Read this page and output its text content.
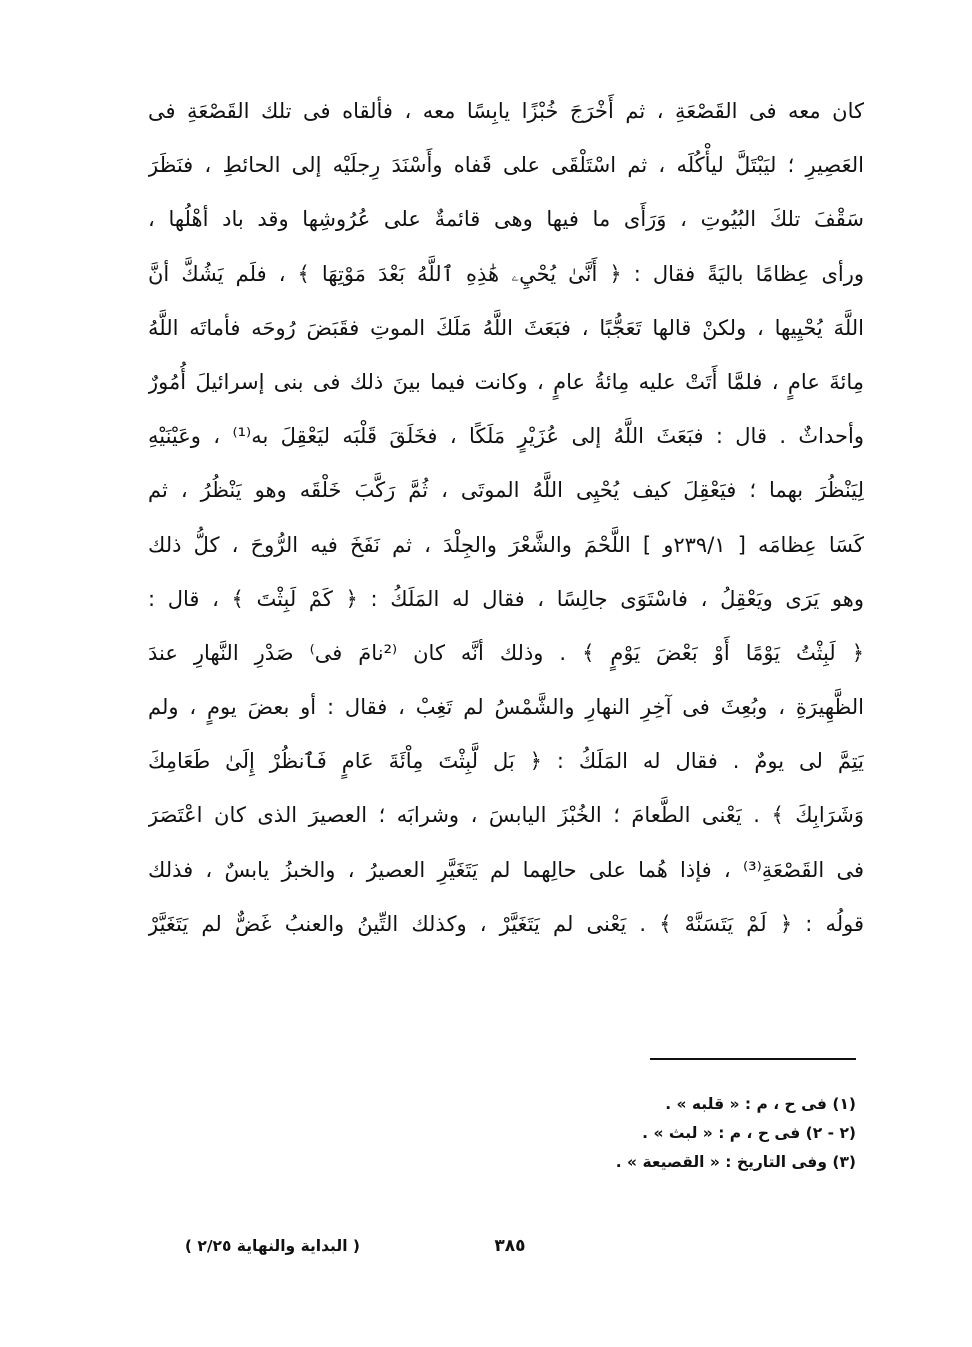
كان معه فى القَصْعَةِ ، ثم أَخْرَجَ خُبْزًا يابِسًا معه ، فألقاه فى تلك القَصْعَةِ فى
العَصِيرِ ؛ ليَبْتَلَّ ليأْكُلَه ، ثم اسْتَلْقَى على قَفاه وأَسْنَدَ رِجلَيْه إلى الحائطِ ، فنَظَرَ
سَقْفَ تلكَ البُيُوتِ ، وَرَأَى ما فيها وهى قائمةٌ على عُرُوشِها وقد باد أهْلُها ،
ورأى عِظامًا باليَةً فقال : ﴿ أَنَّىٰ يُحْيِۦ هَٰذِهِ ٱللَّهُ بَعْدَ مَوْتِهَا ﴾ ، فلَم يَشُكَّ أنَّ
اللَّهَ يُحْيِيها ، ولكنْ قالها تَعَجُّبًا ، فبَعَثَ اللَّهُ مَلَكَ الموتِ فقَبَضَ رُوحَه فأماتَه اللَّهُ
مِائةَ عامٍ ، فلمَّا أَتَتْ عليه مِائةُ عامٍ ، وكانت فيما بينَ ذلك فى بنى إسرائيلَ أُمُورٌ
وأحداثٌ . قال : فبَعَثَ اللَّهُ إلى عُزَيْرٍ مَلَكًا ، فخَلَقَ قَلْبَه ليَعْقِلَ به⁽¹⁾ ، وعَيْنَيْهِ
لِيَنْظُرَ بهما ؛ فيَعْقِلَ كيف يُحْيِى اللَّهُ الموتَى ، ثُمَّ رَكَّبَ خَلْقَه وهو يَنْظُرُ ، ثم
كَسَا عِظامَه [ ٢٣٩/١و ] اللَّحْمَ والشَّعْرَ والجِلْدَ ، ثم نَفَخَ فيه الرُّوحَ ، كلُّ ذلك
وهو يَرَى ويَعْقِلُ ، فاسْتَوَى جالِسًا ، فقال له المَلَكُ : ﴿ كَمْ لَبِثْتَ ﴾ ، قال :
﴿ لَبِثْتُ يَوْمًا أَوْ بَعْضَ يَوْمٍ ﴾ . وذلك أنَّه كان ⁽²نامَ فى⁾ صَدْرِ النَّهارِ عندَ
الظَّهِيرَةِ ، وبُعِثَ فى آخِرِ النهارِ والشَّمْسُ لم تَغِبْ ، فقال : أو بعضَ يومٍ ، ولم
يَتِمَّ لى يومٌ . فقال له المَلَكُ : ﴿ بَل لَّبِثْتَ مِاْئَةَ عَامٍ فَٱنظُرْ إِلَىٰ طَعَامِكَ
وَشَرَابِكَ ﴾ . يَعْنى الطَّعامَ ؛ الخُبْزَ اليابسَ ، وشرابَه ؛ العصيرَ الذى كان اعْتَصَرَ
فى القَصْعَةِ⁽³⁾ ، فإذا هُما على حالِهما لم يَتَغَيَّرِ العصيرُ ، والخبزُ يابسٌ ، فذلك
قولُه : ﴿ لَمْ يَتَسَنَّهْ ﴾ . يَعْنى لم يَتَغَيَّرْ ، وكذلك التِّينُ والعنبُ غَضٌّ لم يَتَغَيَّرْ
(١) فى ح ، م : « قلبه » .
(٢ - ٢) فى ح ، م : « لبث » .
(٣) وفى التاريخ : « القصيعة » .
٣٨٥
( البداية والنهاية ٢/٢٥ )
